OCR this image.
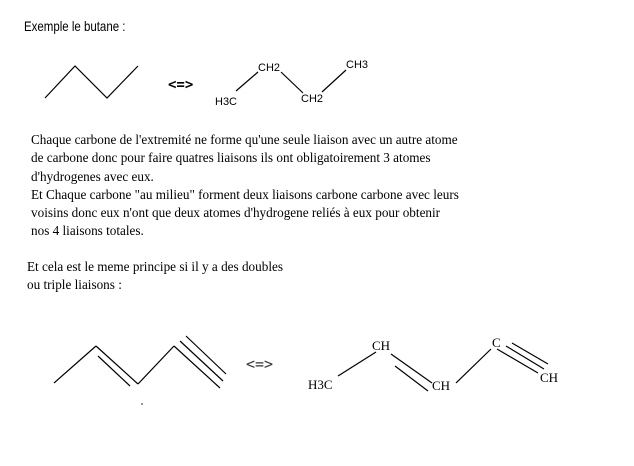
Exemple le butane :
<=>
H3C
CH2
CH2
CH3
<=>
H3C
CH
CH
C
CH
Chaque carbone de l'extremité ne forme qu'une seule liaison avec un autre atome
de carbone donc pour faire quatres liaisons ils ont obligatoirement 3 atomes
d'hydrogenes avec eux.
Et Chaque carbone "au milieu" forment deux liaisons carbone carbone avec leurs
voisins donc eux n'ont que deux atomes d'hydrogene reliés à eux pour obtenir
nos 4 liaisons totales.
Et cela est le meme principe si il y a des doubles
ou triple liaisons :
